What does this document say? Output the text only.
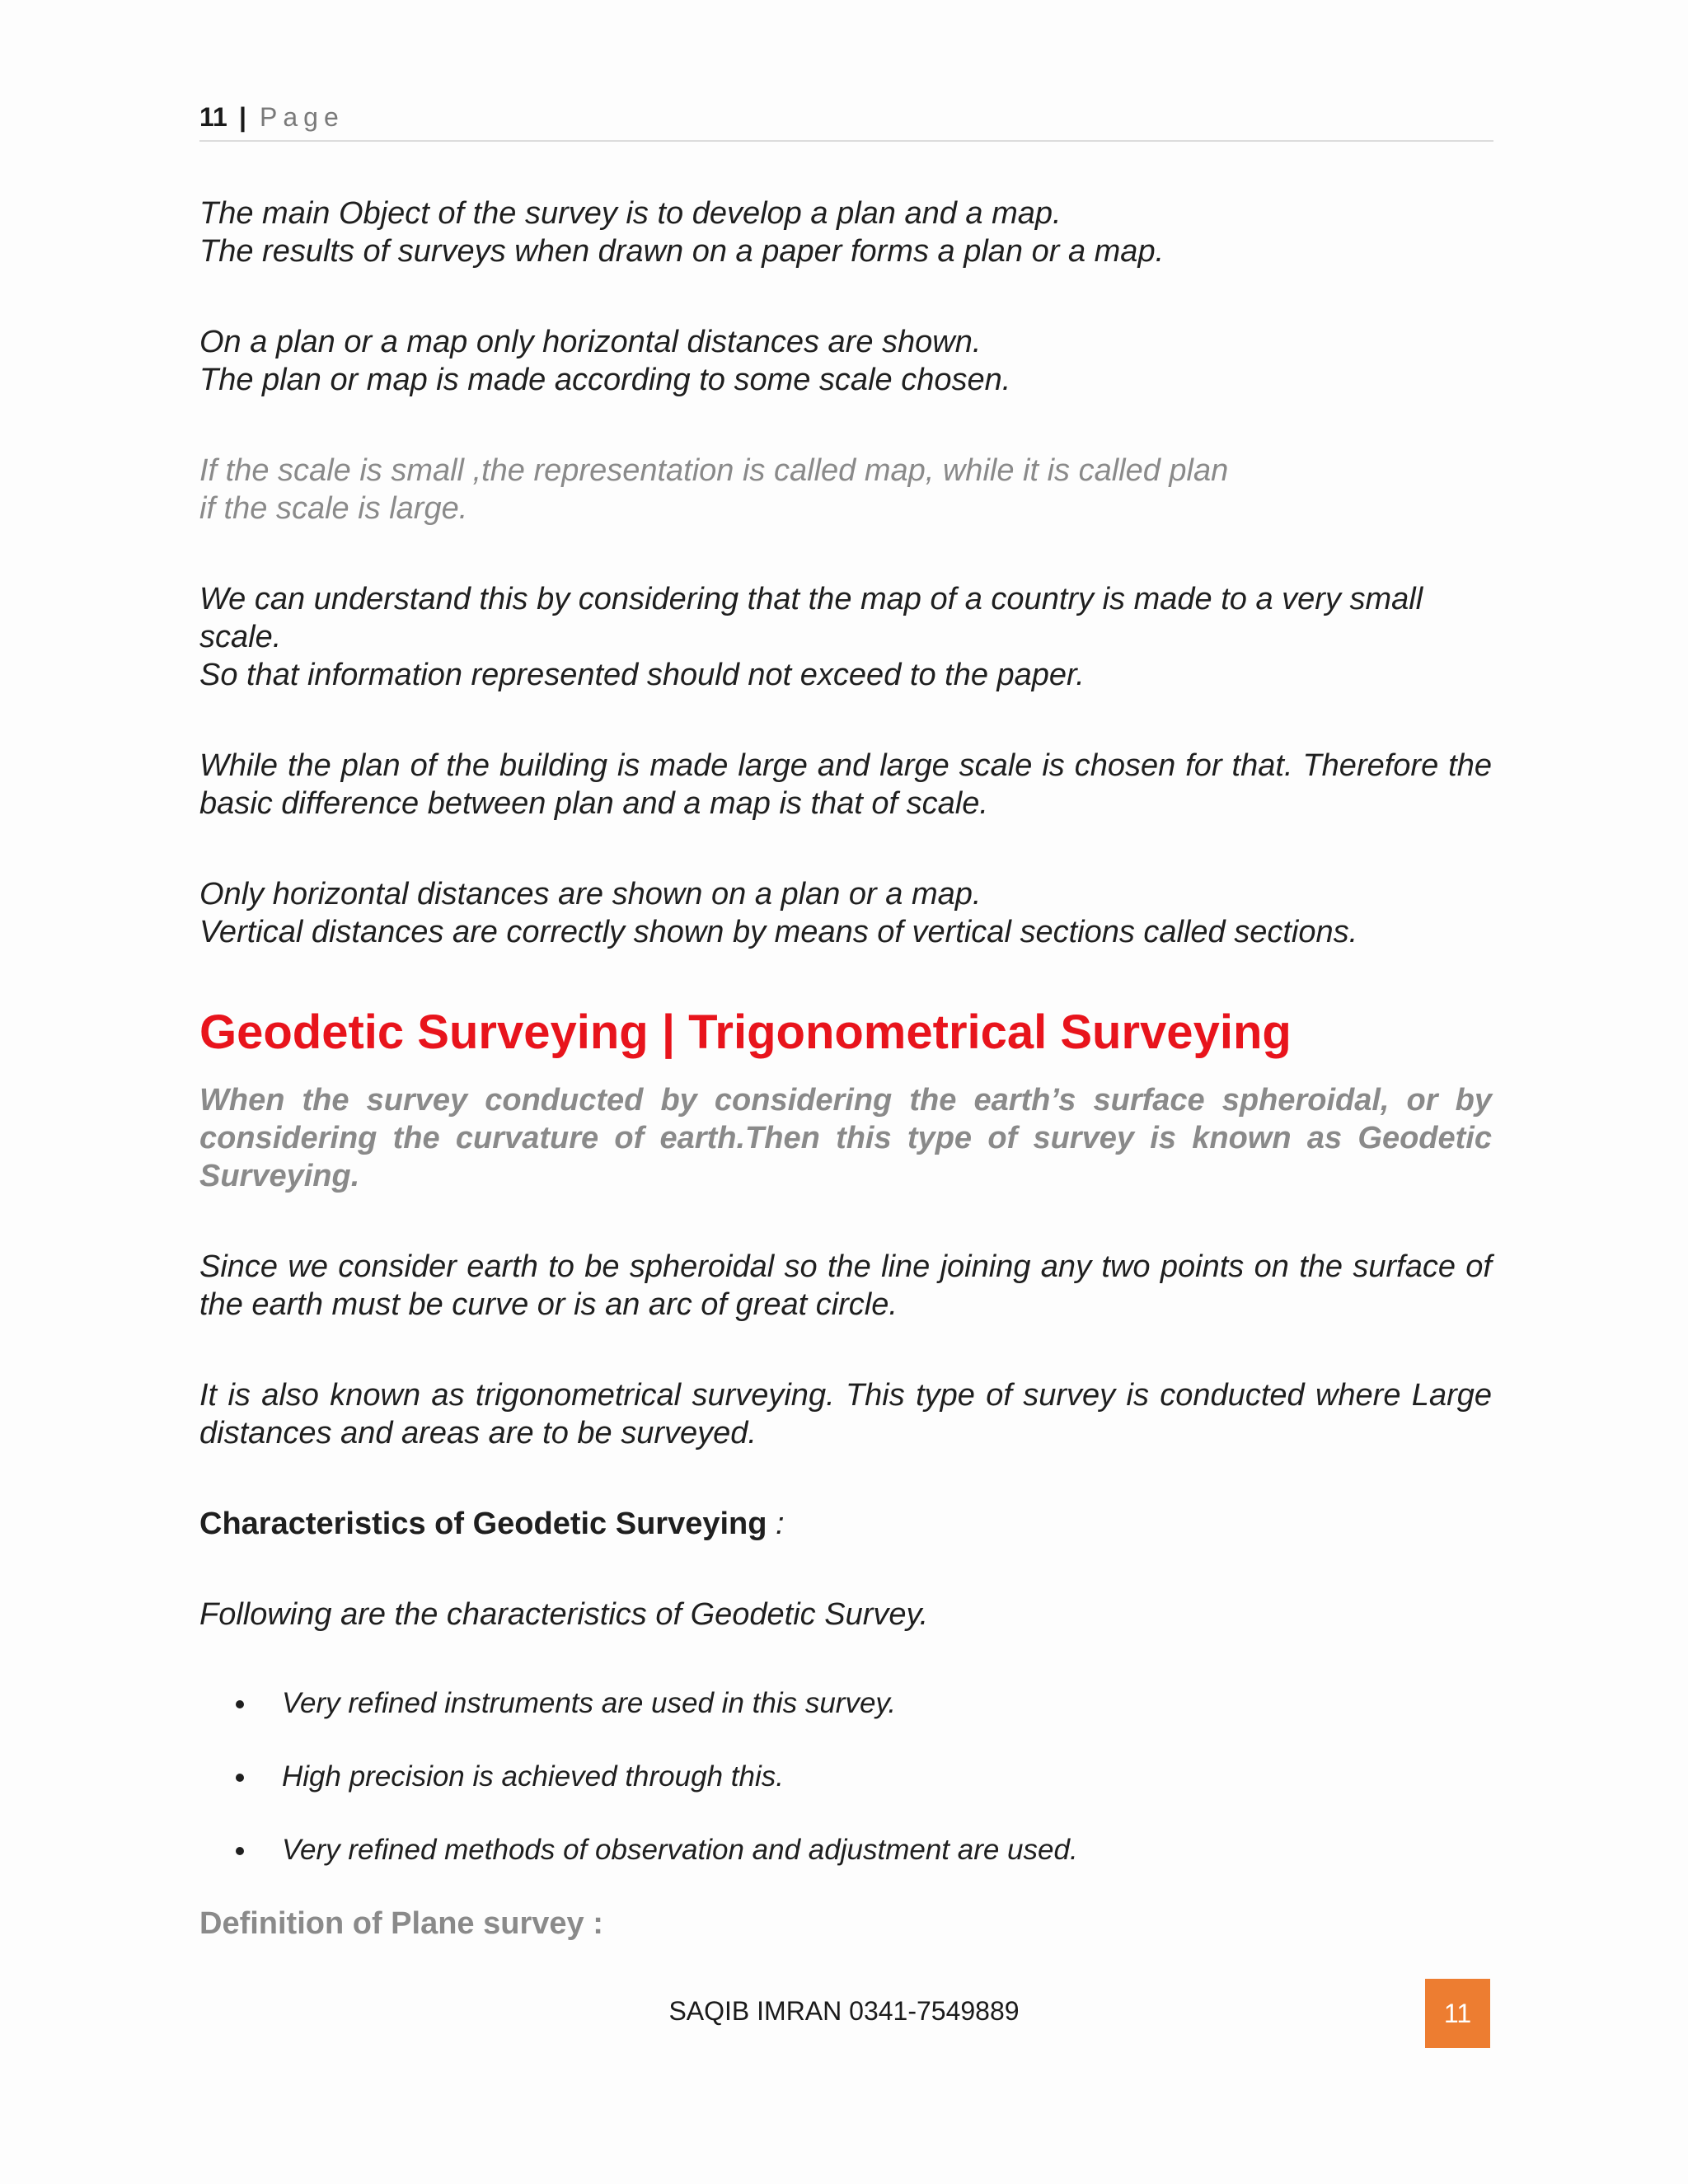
11 | Page

The main Object of the survey is to develop a plan and a map.
The results of surveys when drawn on a paper forms a plan or a map.

On a plan or a map only horizontal distances are shown.
The plan or map is made according to some scale chosen.

If the scale is small ,the representation is called map, while it is called plan
if the scale is large.

We can understand this by considering that the map of a country is made to a very small scale.
So that information represented should not exceed to the paper.

While the plan of the building is made large and large scale is chosen for that. Therefore the basic difference between plan and a map is that of scale.

Only horizontal distances are shown on a plan or a map.
Vertical distances are correctly shown by means of vertical sections called sections.

Geodetic Surveying | Trigonometrical Surveying

When the survey conducted by considering the earth’s surface spheroidal, or by considering the curvature of earth.Then this type of survey is known as Geodetic Surveying.

Since we consider earth to be spheroidal so the line joining any two points on the surface of the earth must be curve or is an arc of great circle.

It is also known as trigonometrical surveying. This type of survey is conducted where Large distances and areas are to be surveyed.

Characteristics of Geodetic Surveying :

Following are the characteristics of Geodetic Survey.

Very refined instruments are used in this survey.
High precision is achieved through this.
Very refined methods of observation and adjustment are used.
Definition of Plane survey :
SAQIB IMRAN 0341-7549889	11
